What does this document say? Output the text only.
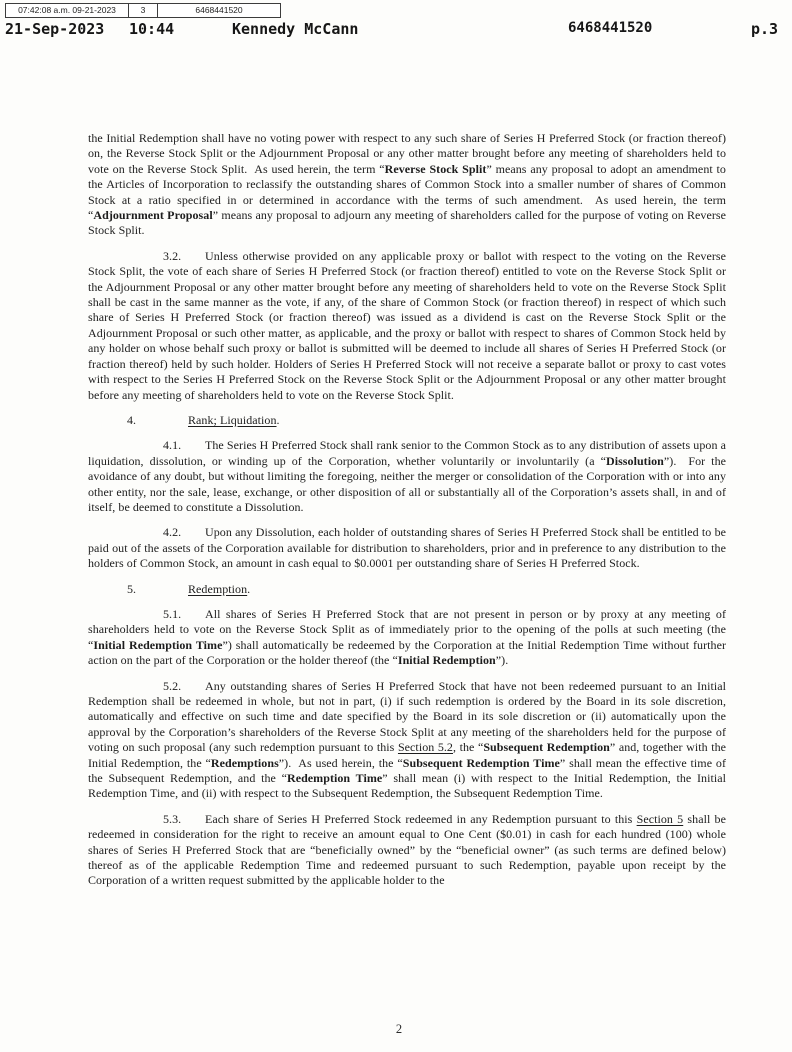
07:42:08 a.m. 09-21-2023	3	6468441520
21-Sep-2023 10:44	Kennedy McCann	6468441520	p.3

the Initial Redemption shall have no voting power with respect to any such share of Series H Preferred Stock (or fraction thereof) on, the Reverse Stock Split or the Adjournment Proposal or any other matter brought before any meeting of shareholders held to vote on the Reverse Stock Split.  As used herein, the term “Reverse Stock Split” means any proposal to adopt an amendment to the Articles of Incorporation to reclassify the outstanding shares of Common Stock into a smaller number of shares of Common Stock at a ratio specified in or determined in accordance with the terms of such amendment.  As used herein, the term “Adjournment Proposal” means any proposal to adjourn any meeting of shareholders called for the purpose of voting on Reverse Stock Split.

3.2. Unless otherwise provided on any applicable proxy or ballot with respect to the voting on the Reverse Stock Split, the vote of each share of Series H Preferred Stock (or fraction thereof) entitled to vote on the Reverse Stock Split or the Adjournment Proposal or any other matter brought before any meeting of shareholders held to vote on the Reverse Stock Split shall be cast in the same manner as the vote, if any, of the share of Common Stock (or fraction thereof) in respect of which such share of Series H Preferred Stock (or fraction thereof) was issued as a dividend is cast on the Reverse Stock Split or the Adjournment Proposal or such other matter, as applicable, and the proxy or ballot with respect to shares of Common Stock held by any holder on whose behalf such proxy or ballot is submitted will be deemed to include all shares of Series H Preferred Stock (or fraction thereof) held by such holder. Holders of Series H Preferred Stock will not receive a separate ballot or proxy to cast votes with respect to the Series H Preferred Stock on the Reverse Stock Split or the Adjournment Proposal or any other matter brought before any meeting of shareholders held to vote on the Reverse Stock Split.

4.	Rank; Liquidation.

4.1. The Series H Preferred Stock shall rank senior to the Common Stock as to any distribution of assets upon a liquidation, dissolution, or winding up of the Corporation, whether voluntarily or involuntarily (a “Dissolution”).  For the avoidance of any doubt, but without limiting the foregoing, neither the merger or consolidation of the Corporation with or into any other entity, nor the sale, lease, exchange, or other disposition of all or substantially all of the Corporation’s assets shall, in and of itself, be deemed to constitute a Dissolution.

4.2. Upon any Dissolution, each holder of outstanding shares of Series H Preferred Stock shall be entitled to be paid out of the assets of the Corporation available for distribution to shareholders, prior and in preference to any distribution to the holders of Common Stock, an amount in cash equal to $0.0001 per outstanding share of Series H Preferred Stock.

5.	Redemption.

5.1. All shares of Series H Preferred Stock that are not present in person or by proxy at any meeting of shareholders held to vote on the Reverse Stock Split as of immediately prior to the opening of the polls at such meeting (the “Initial Redemption Time”) shall automatically be redeemed by the Corporation at the Initial Redemption Time without further action on the part of the Corporation or the holder thereof (the “Initial Redemption”).

5.2. Any outstanding shares of Series H Preferred Stock that have not been redeemed pursuant to an Initial Redemption shall be redeemed in whole, but not in part, (i) if such redemption is ordered by the Board in its sole discretion, automatically and effective on such time and date specified by the Board in its sole discretion or (ii) automatically upon the approval by the Corporation’s shareholders of the Reverse Stock Split at any meeting of the shareholders held for the purpose of voting on such proposal (any such redemption pursuant to this Section 5.2, the “Subsequent Redemption” and, together with the Initial Redemption, the “Redemptions”).  As used herein, the “Subsequent Redemption Time” shall mean the effective time of the Subsequent Redemption, and the “Redemption Time” shall mean (i) with respect to the Initial Redemption, the Initial Redemption Time, and (ii) with respect to the Subsequent Redemption, the Subsequent Redemption Time.

5.3. Each share of Series H Preferred Stock redeemed in any Redemption pursuant to this Section 5 shall be redeemed in consideration for the right to receive an amount equal to One Cent ($0.01) in cash for each hundred (100) whole shares of Series H Preferred Stock that are “beneficially owned” by the “beneficial owner” (as such terms are defined below) thereof as of the applicable Redemption Time and redeemed pursuant to such Redemption, payable upon receipt by the Corporation of a written request submitted by the applicable holder to the

2
